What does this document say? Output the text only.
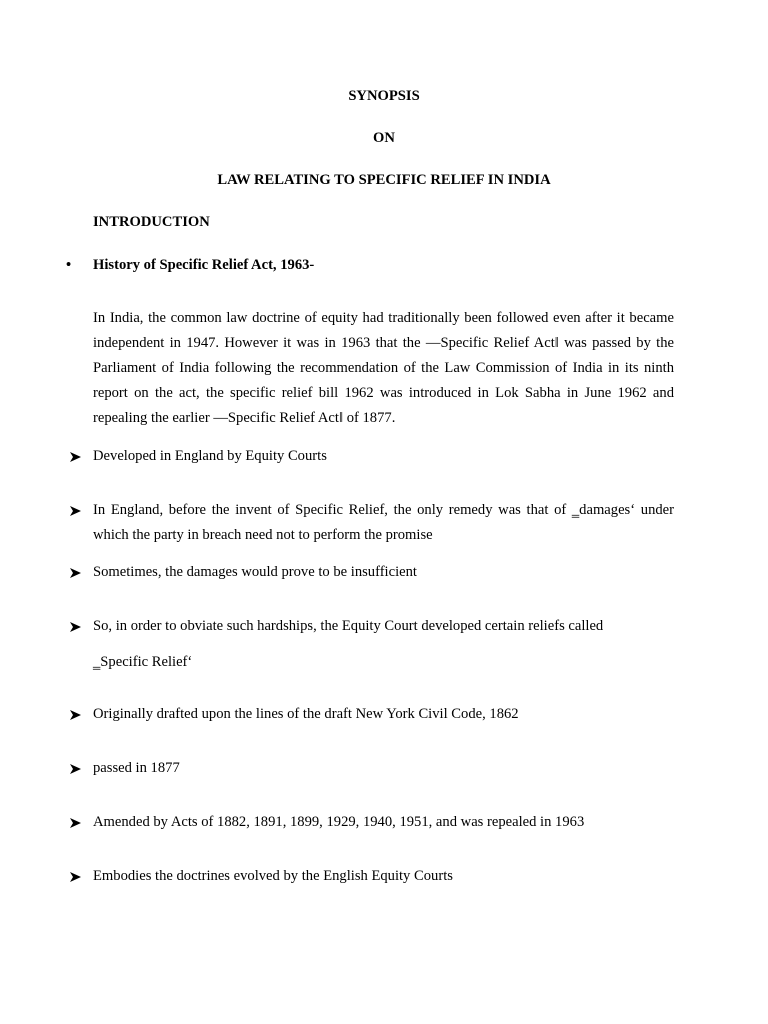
SYNOPSIS
ON
LAW RELATING TO SPECIFIC RELIEF IN INDIA
INTRODUCTION
•	History of Specific Relief Act, 1963-
In India, the common law doctrine of equity had traditionally been followed even after it became independent in 1947. However it was in 1963 that the —Specific Relief Act‖ was passed by the Parliament of India following the recommendation of the Law Commission of India in its ninth report on the act, the specific relief bill 1962 was introduced in Lok Sabha in June 1962 and repealing the earlier —Specific Relief Act‖ of 1877.
Developed in England by Equity Courts
In England, before the invent of Specific Relief, the only remedy was that of ‗damages‘ under which the party in breach need not to perform the promise
Sometimes, the damages would prove to be insufficient
So, in order to obviate such hardships, the Equity Court developed certain reliefs called
‗Specific Relief‘
Originally drafted upon the lines of the draft New York Civil Code, 1862
passed in 1877
Amended by Acts of 1882, 1891, 1899, 1929, 1940, 1951, and was repealed in 1963
Embodies the doctrines evolved by the English Equity Courts
